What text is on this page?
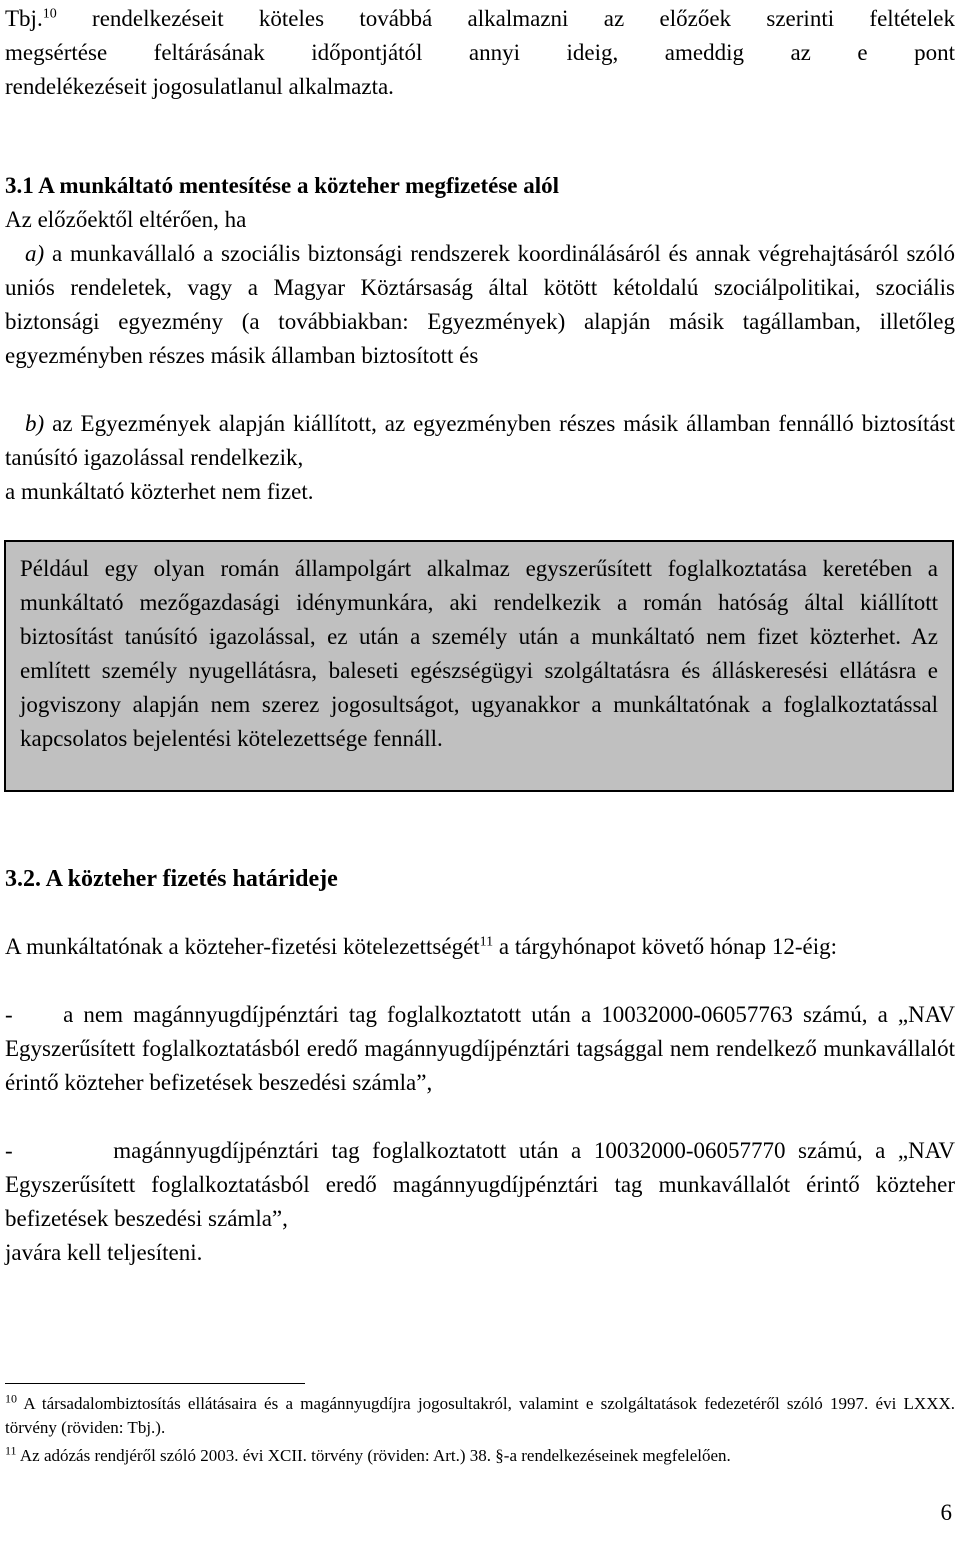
Tbj.$^{10}$ rendelkezéseit köteles továbbá alkalmazni az előzőek szerinti feltételek
megsértése feltárásának időpontjától annyi ideig, ameddig az e pont
rendelékezéseit jogosulatlanul alkalmazta.
3.1 A munkáltató mentesítése a közteher megfizetése alól
Az előzőektől eltérően, ha
a) a munkavállaló a szociális biztonsági rendszerek koordinálásáról és annak végrehajtásáról szóló uniós rendeletek, vagy a Magyar Köztársaság által kötött kétoldalú szociálpolitikai, szociális biztonsági egyezmény (a továbbiakban: Egyezmények) alapján másik tagállamban, illetőleg egyezményben részes másik államban biztosított és
b) az Egyezmények alapján kiállított, az egyezményben részes másik államban fennálló biztosítást tanúsító igazolással rendelkezik,
a munkáltató közterhet nem fizet.
Például egy olyan román állampolgárt alkalmaz egyszerűsített foglalkoztatása keretében a munkáltató mezőgazdasági idénymunkára, aki rendelkezik a román hatóság által kiállított biztosítást tanúsító igazolással, ez után a személy után a munkáltató nem fizet közterhet. Az említett személy nyugellátásra, baleseti egészségügyi szolgáltatásra és álláskeresési ellátásra e jogviszony alapján nem szerez jogosultságot, ugyanakkor a munkáltatónak a foglalkoztatással kapcsolatos bejelentési kötelezettsége fennáll.
3.2. A közteher fizetés határideje
A munkáltatónak a közteher-fizetési kötelezettségét$^{11}$ a tárgyhónapot követő hónap 12-éig:
-     a nem magánnyugdíjpénztári tag foglalkoztatott után a 10032000-06057763 számú, a „NAV Egyszerűsített foglalkoztatásból eredő magánnyugdíjpénztári tagsággal nem rendelkező munkavállalót érintő közteher befizetések beszedési számla”,
-        magánnyugdíjpénztári tag foglalkoztatott után a 10032000-06057770 számú, a „NAV Egyszerűsített foglalkoztatásból eredő magánnyugdíjpénztári tag munkavállalót érintő közteher befizetések beszedési számla”,
javára kell teljesíteni.
$^{10}$ A társadalombiztosítás ellátásaira és a magánnyugdíjra jogosultakról, valamint e szolgáltatások fedezetéről szóló 1997. évi LXXX. törvény (röviden: Tbj.).
$^{11}$ Az adózás rendjéről szóló 2003. évi XCII. törvény (röviden: Art.) 38. §-a rendelkezéseinek megfelelően.
6
